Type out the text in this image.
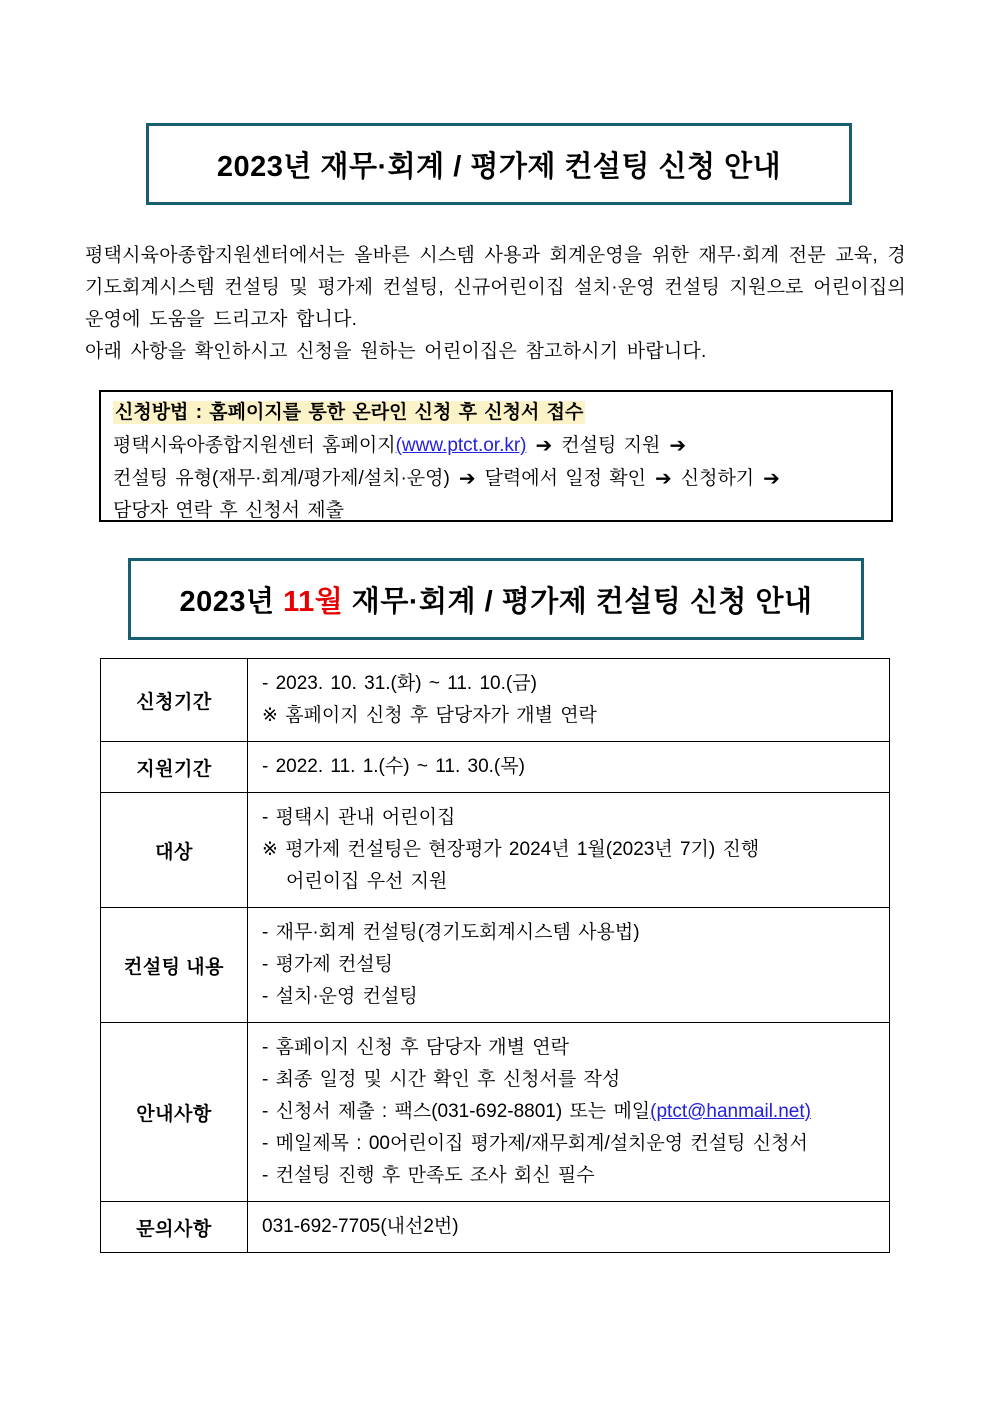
2023년 재무·회계 / 평가제 컨설팅 신청 안내

평택시육아종합지원센터에서는 올바른 시스템 사용과 회계운영을 위한 재무·회계 전문 교육, 경기도회계시스템 컨설팅 및 평가제 컨설팅, 신규어린이집 설치·운영 컨설팅 지원으로 어린이집의 운영에 도움을 드리고자 합니다.

아래 사항을 확인하시고 신청을 원하는 어린이집은 참고하시기 바랍니다.

신청방법 : 홈페이지를 통한 온라인 신청 후 신청서 접수
평택시육아종합지원센터 홈페이지(www.ptct.or.kr) ➔ 컨설팅 지원 ➔
컨설팅 유형(재무·회계/평가제/설치·운영) ➔ 달력에서 일정 확인 ➔ 신청하기 ➔
담당자 연락 후 신청서 제출
2023년 11월 재무·회계 / 평가제 컨설팅 신청 안내
신청기간
- 2023. 10. 31.(화) ~ 11. 10.(금)
※ 홈페이지 신청 후 담당자가 개별 연락
지원기간	- 2022. 11. 1.(수) ~ 11. 30.(목)
대상
- 평택시 관내 어린이집
※ 평가제 컨설팅은 현장평가 2024년 1월(2023년 7기) 진행
어린이집 우선 지원
컨설팅 내용
- 재무·회계 컨설팅(경기도회계시스템 사용법)
- 평가제 컨설팅
- 설치·운영 컨설팅
안내사항
- 홈페이지 신청 후 담당자 개별 연락
- 최종 일정 및 시간 확인 후 신청서를 작성
- 신청서 제출 : 팩스(031-692-8801) 또는 메일(ptct@hanmail.net)
- 메일제목 : 00어린이집 평가제/재무회계/설치운영 컨설팅 신청서
- 컨설팅 진행 후 만족도 조사 회신 필수
문의사항	031-692-7705(내선2번)
